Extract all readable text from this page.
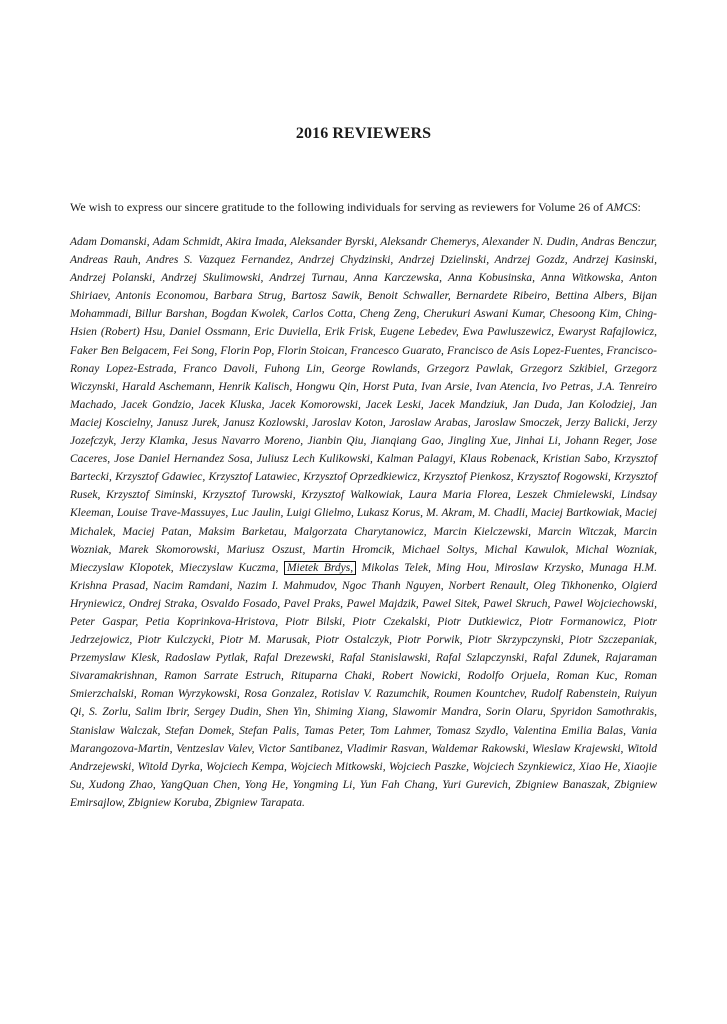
2016 REVIEWERS

We wish to express our sincere gratitude to the following individuals for serving as reviewers for Volume 26 of AMCS:

Adam Domanski, Adam Schmidt, Akira Imada, Aleksander Byrski, Aleksandr Chemerys, Alexander N. Dudin, Andras Benczur, Andreas Rauh, Andres S. Vazquez Fernandez, Andrzej Chydzinski, Andrzej Dzielinski, Andrzej Gozdz, Andrzej Kasinski, Andrzej Polanski, Andrzej Skulimowski, Andrzej Turnau, Anna Karczewska, Anna Kobusinska, Anna Witkowska, Anton Shiriaev, Antonis Economou, Barbara Strug, Bartosz Sawik, Benoit Schwaller, Bernardete Ribeiro, Bettina Albers, Bijan Mohammadi, Billur Barshan, Bogdan Kwolek, Carlos Cotta, Cheng Zeng, Cherukuri Aswani Kumar, Chesoong Kim, Ching-Hsien (Robert) Hsu, Daniel Ossmann, Eric Duviella, Erik Frisk, Eugene Lebedev, Ewa Pawluszewicz, Ewaryst Rafajlowicz, Faker Ben Belgacem, Fei Song, Florin Pop, Florin Stoican, Francesco Guarato, Francisco de Asis Lopez-Fuentes, Francisco-Ronay Lopez-Estrada, Franco Davoli, Fuhong Lin, George Rowlands, Grzegorz Pawlak, Grzegorz Szkibiel, Grzegorz Wiczynski, Harald Aschemann, Henrik Kalisch, Hongwu Qin, Horst Puta, Ivan Arsie, Ivan Atencia, Ivo Petras, J.A. Tenreiro Machado, Jacek Gondzio, Jacek Kluska, Jacek Komorowski, Jacek Leski, Jacek Mandziuk, Jan Duda, Jan Kolodziej, Jan Maciej Koscielny, Janusz Jurek, Janusz Kozlowski, Jaroslav Koton, Jaroslaw Arabas, Jaroslaw Smoczek, Jerzy Balicki, Jerzy Jozefczyk, Jerzy Klamka, Jesus Navarro Moreno, Jianbin Qiu, Jianqiang Gao, Jingling Xue, Jinhai Li, Johann Reger, Jose Caceres, Jose Daniel Hernandez Sosa, Juliusz Lech Kulikowski, Kalman Palagyi, Klaus Robenack, Kristian Sabo, Krzysztof Bartecki, Krzysztof Gdawiec, Krzysztof Latawiec, Krzysztof Oprzedkiewicz, Krzysztof Pienkosz, Krzysztof Rogowski, Krzysztof Rusek, Krzysztof Siminski, Krzysztof Turowski, Krzysztof Walkowiak, Laura Maria Florea, Leszek Chmielewski, Lindsay Kleeman, Louise Trave-Massuyes, Luc Jaulin, Luigi Glielmo, Lukasz Korus, M. Akram, M. Chadli, Maciej Bartkowiak, Maciej Michalek, Maciej Patan, Maksim Barketau, Malgorzata Charytanowicz, Marcin Kielczewski, Marcin Witczak, Marcin Wozniak, Marek Skomorowski, Mariusz Oszust, Martin Hromcik, Michael Soltys, Michal Kawulok, Michal Wozniak, Mieczyslaw Klopotek, Mieczyslaw Kuczma, Mietek Brdys, Mikolas Telek, Ming Hou, Miroslaw Krzysko, Munaga H.M. Krishna Prasad, Nacim Ramdani, Nazim I. Mahmudov, Ngoc Thanh Nguyen, Norbert Renault, Oleg Tikhonenko, Olgierd Hryniewicz, Ondrej Straka, Osvaldo Fosado, Pavel Praks, Pawel Majdzik, Pawel Sitek, Pawel Skruch, Pawel Wojciechowski, Peter Gaspar, Petia Koprinkova-Hristova, Piotr Bilski, Piotr Czekalski, Piotr Dutkiewicz, Piotr Formanowicz, Piotr Jedrzejowicz, Piotr Kulczycki, Piotr M. Marusak, Piotr Ostalczyk, Piotr Porwik, Piotr Skrzypczynski, Piotr Szczepaniak, Przemyslaw Klesk, Radoslaw Pytlak, Rafal Drezewski, Rafal Stanislawski, Rafal Szlapczynski, Rafal Zdunek, Rajaraman Sivaramakrishnan, Ramon Sarrate Estruch, Rituparna Chaki, Robert Nowicki, Rodolfo Orjuela, Roman Kuc, Roman Smierzchalski, Roman Wyrzykowski, Rosa Gonzalez, Rotislav V. Razumchik, Roumen Kountchev, Rudolf Rabenstein, Ruiyun Qi, S. Zorlu, Salim Ibrir, Sergey Dudin, Shen Yin, Shiming Xiang, Slawomir Mandra, Sorin Olaru, Spyridon Samothrakis, Stanislaw Walczak, Stefan Domek, Stefan Palis, Tamas Peter, Tom Lahmer, Tomasz Szydlo, Valentina Emilia Balas, Vania Marangozova-Martin, Ventzeslav Valev, Victor Santibanez, Vladimir Rasvan, Waldemar Rakowski, Wieslaw Krajewski, Witold Andrzejewski, Witold Dyrka, Wojciech Kempa, Wojciech Mitkowski, Wojciech Paszke, Wojciech Szynkiewicz, Xiao He, Xiaojie Su, Xudong Zhao, YangQuan Chen, Yong He, Yongming Li, Yun Fah Chang, Yuri Gurevich, Zbigniew Banaszak, Zbigniew Emirsajlow, Zbigniew Koruba, Zbigniew Tarapata.
